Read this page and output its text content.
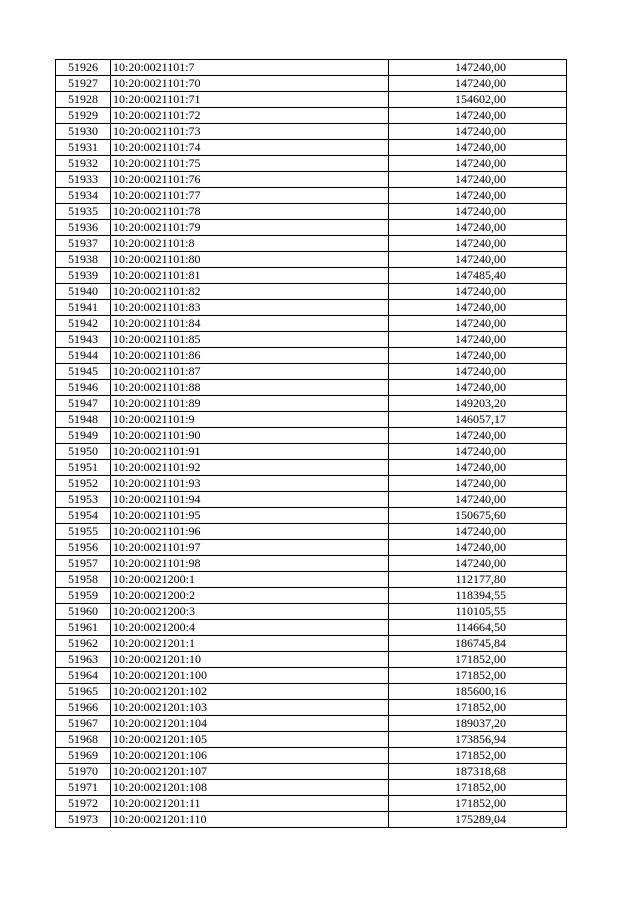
51926	10:20:0021101:7	147240,00
51927	10:20:0021101:70	147240,00
51928	10:20:0021101:71	154602,00
51929	10:20:0021101:72	147240,00
51930	10:20:0021101:73	147240,00
51931	10:20:0021101:74	147240,00
51932	10:20:0021101:75	147240,00
51933	10:20:0021101:76	147240,00
51934	10:20:0021101:77	147240,00
51935	10:20:0021101:78	147240,00
51936	10:20:0021101:79	147240,00
51937	10:20:0021101:8	147240,00
51938	10:20:0021101:80	147240,00
51939	10:20:0021101:81	147485,40
51940	10:20:0021101:82	147240,00
51941	10:20:0021101:83	147240,00
51942	10:20:0021101:84	147240,00
51943	10:20:0021101:85	147240,00
51944	10:20:0021101:86	147240,00
51945	10:20:0021101:87	147240,00
51946	10:20:0021101:88	147240,00
51947	10:20:0021101:89	149203,20
51948	10:20:0021101:9	146057,17
51949	10:20:0021101:90	147240,00
51950	10:20:0021101:91	147240,00
51951	10:20:0021101:92	147240,00
51952	10:20:0021101:93	147240,00
51953	10:20:0021101:94	147240,00
51954	10:20:0021101:95	150675,60
51955	10:20:0021101:96	147240,00
51956	10:20:0021101:97	147240,00
51957	10:20:0021101:98	147240,00
51958	10:20:0021200:1	112177,80
51959	10:20:0021200:2	118394,55
51960	10:20:0021200:3	110105,55
51961	10:20:0021200:4	114664,50
51962	10:20:0021201:1	186745,84
51963	10:20:0021201:10	171852,00
51964	10:20:0021201:100	171852,00
51965	10:20:0021201:102	185600,16
51966	10:20:0021201:103	171852,00
51967	10:20:0021201:104	189037,20
51968	10:20:0021201:105	173856,94
51969	10:20:0021201:106	171852,00
51970	10:20:0021201:107	187318,68
51971	10:20:0021201:108	171852,00
51972	10:20:0021201:11	171852,00
51973	10:20:0021201:110	175289,04
